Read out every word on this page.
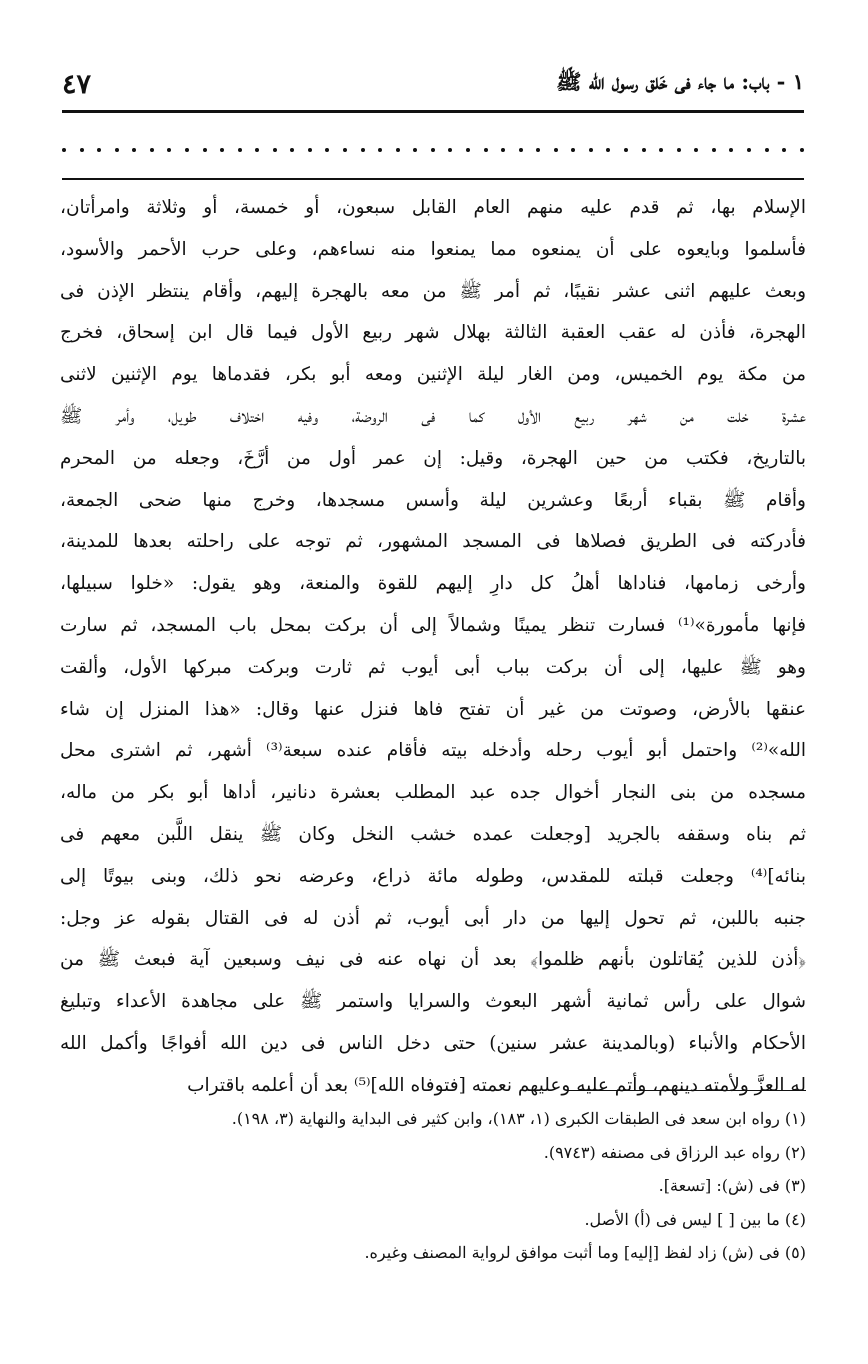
١ - باب: ما جاء فى خَلق رسول الله ﷺ
٤٧
الإسلام بها، ثم قدم عليه منهم العام القابل سبعون، أو خمسة، أو وثلاثة وامرأتان،
فأسلموا وبايعوه على أن يمنعوه مما يمنعوا منه نساءهم، وعلى حرب الأحمر والأسود،
وبعث عليهم اثنى عشر نقيبًا، ثم أمر ﷺ من معه بالهجرة إليهم، وأقام ينتظر الإذن فى
الهجرة، فأذن له عقب العقبة الثالثة بهلال شهر ربيع الأول فيما قال ابن إسحاق، فخرج
من مكة يوم الخميس، ومن الغار ليلة الإثنين ومعه أبو بكر، فقدماها يوم الإثنين لاثنى
عشرة خلت من شهر ربيع الأول كما فى الروضة، وفيه اختلاف طويل، وأمر ﷺ
بالتاريخ، فكتب من حين الهجرة، وقيل: إن عمر أول من أرَّخَ، وجعله من المحرم
وأقام ﷺ بقباء أربعًا وعشرين ليلة وأسس مسجدها، وخرج منها ضحى الجمعة،
فأدركته فى الطريق فصلاها فى المسجد المشهور، ثم توجه على راحلته بعدها للمدينة،
وأرخى زمامها، فناداها أهلُ كل دارِ إليهم للقوة والمنعة، وهو يقول: «خلوا سبيلها،
فإنها مأمورة»⁽¹⁾ فسارت تنظر يمينًا وشمالاً إلى أن بركت بمحل باب المسجد، ثم سارت
وهو ﷺ عليها، إلى أن بركت بباب أبى أيوب ثم ثارت وبركت مبركها الأول، وألقت
عنقها بالأرض، وصوتت من غير أن تفتح فاها فنزل عنها وقال: «هذا المنزل إن شاء
الله»⁽²⁾ واحتمل أبو أيوب رحله وأدخله بيته فأقام عنده سبعة⁽³⁾ أشهر، ثم اشترى محل
مسجده من بنى النجار أخوال جده عبد المطلب بعشرة دنانير، أداها أبو بكر من ماله،
ثم بناه وسقفه بالجريد [وجعلت عمده خشب النخل وكان ﷺ ينقل اللَّبن معهم فى
بنائه]⁽⁴⁾ وجعلت قبلته للمقدس، وطوله مائة ذراع، وعرضه نحو ذلك، وبنى بيوتًا إلى
جنبه باللبن، ثم تحول إليها من دار أبى أيوب، ثم أذن له فى القتال بقوله عز وجل:
﴿أذن للذين يُقاتلون بأنهم ظلموا﴾ بعد أن نهاه عنه فى نيف وسبعين آية فبعث ﷺ من
شوال على رأس ثمانية أشهر البعوث والسرايا واستمر ﷺ على مجاهدة الأعداء وتبليغ
الأحكام والأنباء (وبالمدينة عشر سنين) حتى دخل الناس فى دين الله أفواجًا وأكمل الله
له العزَّ ولأمته دينهم، وأتم عليه وعليهم نعمته [فتوفاه الله]⁽⁵⁾ بعد أن أعلمه باقتراب
(١) رواه ابن سعد فى الطبقات الكبرى (١، ١٨٣)، وابن كثير فى البداية والنهاية (٣، ١٩٨).
(٢) رواه عبد الرزاق فى مصنفه (٩٧٤٣).
(٣) فى (ش): [تسعة].
(٤) ما بين [ ] ليس فى (أ) الأصل.
(٥) فى (ش) زاد لفظ [إليه] وما أثبت موافق لرواية المصنف وغيره.
